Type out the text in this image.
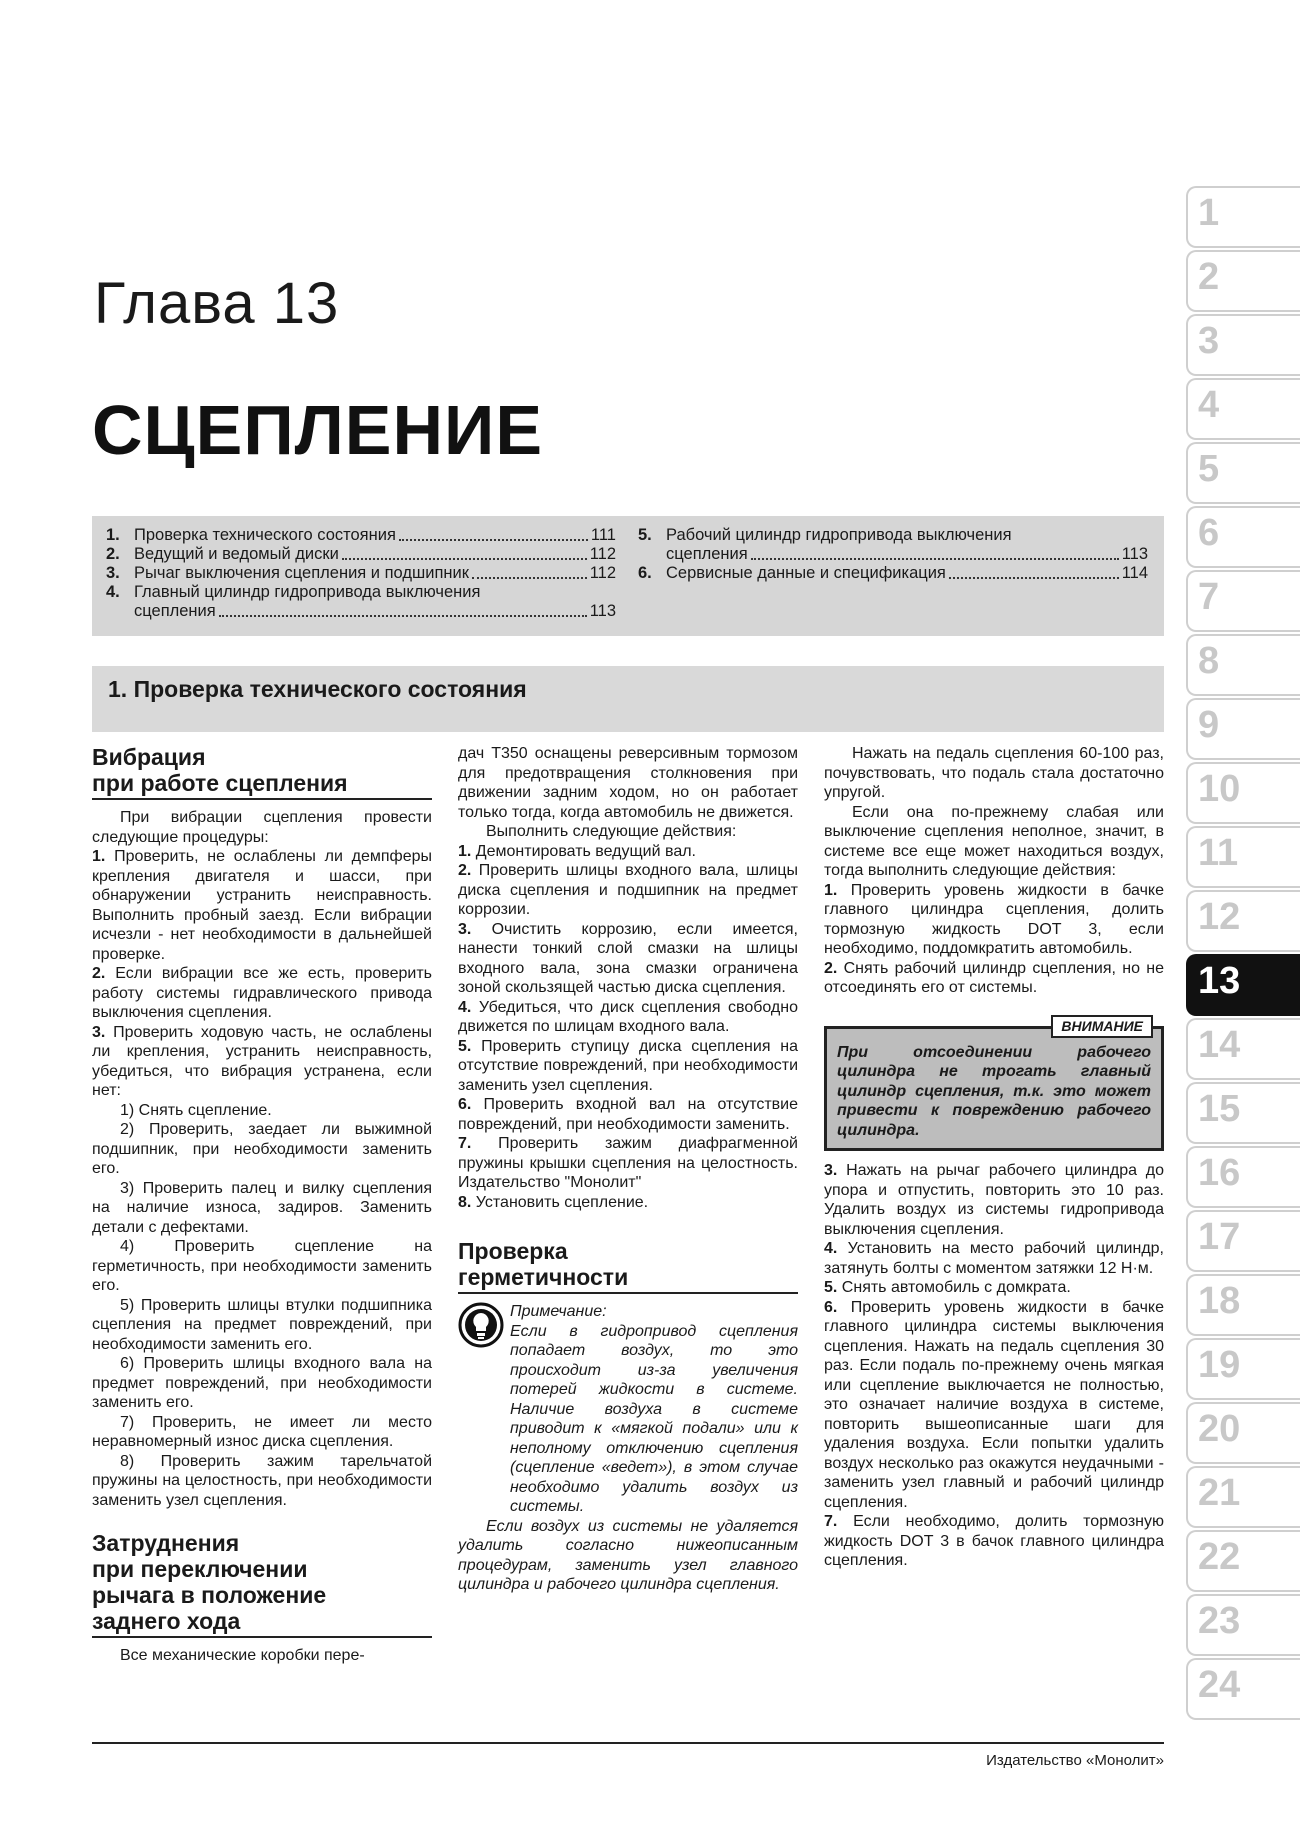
Глава 13
СЦЕПЛЕНИЕ
1. Проверка технического состояния	111
2. Ведущий и ведомый диски	112
3. Рычаг выключения сцепления и подшипник	112
4. Главный цилиндр гидропривода выключения
сцепления	113
5. Рабочий цилиндр гидропривода выключения
сцепления	113
6. Сервисные данные и спецификация	114
1. Проверка технического состояния
Вибрация
при работе сцепления

При вибрации сцепления провести следующие процедуры:

1. Проверить, не ослаблены ли демпферы крепления двигателя и шасси, при обнаружении устранить неисправность. Выполнить пробный заезд. Если вибрации исчезли - нет необходимости в дальнейшей проверке.

2. Если вибрации все же есть, проверить работу системы гидравлического привода выключения сцепления.

3. Проверить ходовую часть, не ослаблены ли крепления, устранить неисправность, убедиться, что вибрация устранена, если нет:

1) Снять сцепление.

2) Проверить, заедает ли выжимной подшипник, при необходимости заменить его.

3) Проверить палец и вилку сцепления на наличие износа, задиров. Заменить детали с дефектами.

4) Проверить сцепление на герметичность, при необходимости заменить его.

5) Проверить шлицы втулки подшипника сцепления на предмет повреждений, при необходимости заменить его.

6) Проверить шлицы входного вала на предмет повреждений, при необходимости заменить его.

7) Проверить, не имеет ли место неравномерный износ диска сцепления.

8) Проверить зажим тарельчатой пружины на целостность, при необходимости заменить узел сцепления.

Затруднения
при переключении
рычага в положение
заднего хода

Все механические коробки пере-

дач Т350 оснащены реверсивным тормозом для предотвращения столкновения при движении задним ходом, но он работает только тогда, когда автомобиль не движется.

Выполнить следующие действия:

1. Демонтировать ведущий вал.

2. Проверить шлицы входного вала, шлицы диска сцепления и подшипник на предмет коррозии.

3. Очистить коррозию, если имеется, нанести тонкий слой смазки на шлицы входного вала, зона смазки ограничена зоной скользящей частью диска сцепления.

4. Убедиться, что диск сцепления свободно движется по шлицам входного вала.

5. Проверить ступицу диска сцепления на отсутствие повреждений, при необходимости заменить узел сцепления.

6. Проверить входной вал на отсутствие повреждений, при необходимости заменить.

7. Проверить зажим диафрагменной пружины крышки сцепления на целостность. Издательство "Монолит"

8. Установить сцепление.

Проверка
герметичности
Примечание:
Если в гидропривод сцепления попадает воздух, то это происходит из-за увеличения потерей жидкости в системе. Наличие воздуха в системе приводит к «мягкой подали» или к неполному отключению сцепления (сцепление «ведет»), в этом случае необходимо удалить воздух из системы.

Если воздух из системы не удаляется удалить согласно нижеописанным процедурам, заменить узел главного цилиндра и рабочего цилиндра сцепления.

Нажать на педаль сцепления 60-100 раз, почувствовать, что подаль стала достаточно упругой.

Если она по-прежнему слабая или выключение сцепления неполное, значит, в системе все еще может находиться воздух, тогда выполнить следующие действия:

1. Проверить уровень жидкости в бачке главного цилиндра сцепления, долить тормозную жидкость DOT 3, если необходимо, поддомкратить автомобиль.

2. Снять рабочий цилиндр сцепления, но не отсоединять его от системы.

ВНИМАНИЕ
При отсоединении рабочего цилиндра не трогать главный цилиндр сцепления, т.к. это может привести к повреждению рабочего цилиндра.

3. Нажать на рычаг рабочего цилиндра до упора и отпустить, повторить это 10 раз. Удалить воздух из системы гидропривода выключения сцепления.

4. Установить на место рабочий цилиндр, затянуть болты с моментом затяжки 12 Н·м.

5. Снять автомобиль с домкрата.

6. Проверить уровень жидкости в бачке главного цилиндра системы выключения сцепления. Нажать на педаль сцепления 30 раз. Если подаль по-прежнему очень мягкая или сцепление выключается не полностью, это означает наличие воздуха в системе, повторить вышеописанные шаги для удаления воздуха. Если попытки удалить воздух несколько раз окажутся неудачными - заменить узел главный и рабочий цилиндр сцепления.

7. Если необходимо, долить тормозную жидкость DOT 3 в бачок главного цилиндра сцепления.

Издательство «Монолит»
1
2
3
4
5
6
7
8
9
10
11
12
13
14
15
16
17
18
19
20
21
22
23
24
